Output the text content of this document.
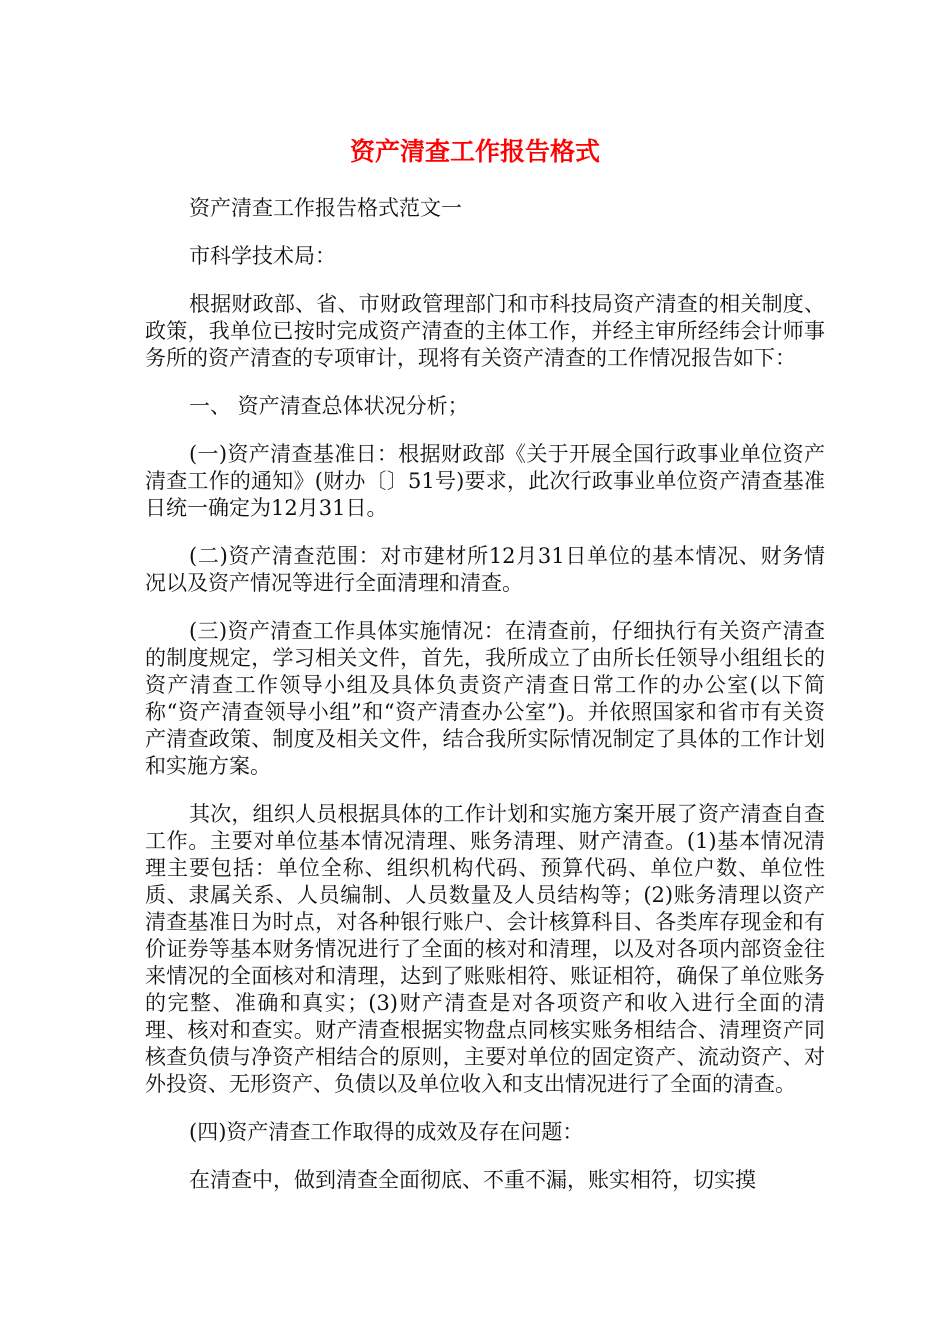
资产清查工作报告格式

资产清查工作报告格式范文一

市科学技术局：

根据财政部、省、市财政管理部门和市科技局资产清查的相关制度、政策，我单位已按时完成资产清查的主体工作，并经主审所经纬会计师事务所的资产清查的专项审计，现将有关资产清查的工作情况报告如下：

一、 资产清查总体状况分析；

(一)资产清查基准日：根据财政部《关于开展全国行政事业单位资产清查工作的通知》(财办〔〕51号)要求，此次行政事业单位资产清查基准日统一确定为12月31日。

(二)资产清查范围：对市建材所12月31日单位的基本情况、财务情况以及资产情况等进行全面清理和清查。

(三)资产清查工作具体实施情况：在清查前，仔细执行有关资产清查的制度规定，学习相关文件，首先，我所成立了由所长任领导小组组长的资产清查工作领导小组及具体负责资产清查日常工作的办公室(以下简称“资产清查领导小组”和“资产清查办公室”)。并依照国家和省市有关资产清查政策、制度及相关文件，结合我所实际情况制定了具体的工作计划和实施方案。

其次，组织人员根据具体的工作计划和实施方案开展了资产清查自查工作。主要对单位基本情况清理、账务清理、财产清查。(1)基本情况清理主要包括：单位全称、组织机构代码、预算代码、单位户数、单位性质、隶属关系、人员编制、人员数量及人员结构等；(2)账务清理以资产清查基准日为时点，对各种银行账户、会计核算科目、各类库存现金和有价证券等基本财务情况进行了全面的核对和清理，以及对各项内部资金往来情况的全面核对和清理，达到了账账相符、账证相符，确保了单位账务的完整、准确和真实；(3)财产清查是对各项资产和收入进行全面的清理、核对和查实。财产清查根据实物盘点同核实账务相结合、清理资产同核查负债与净资产相结合的原则，主要对单位的固定资产、流动资产、对外投资、无形资产、负债以及单位收入和支出情况进行了全面的清查。

(四)资产清查工作取得的成效及存在问题：

在清查中，做到清查全面彻底、不重不漏，账实相符，切实摸
